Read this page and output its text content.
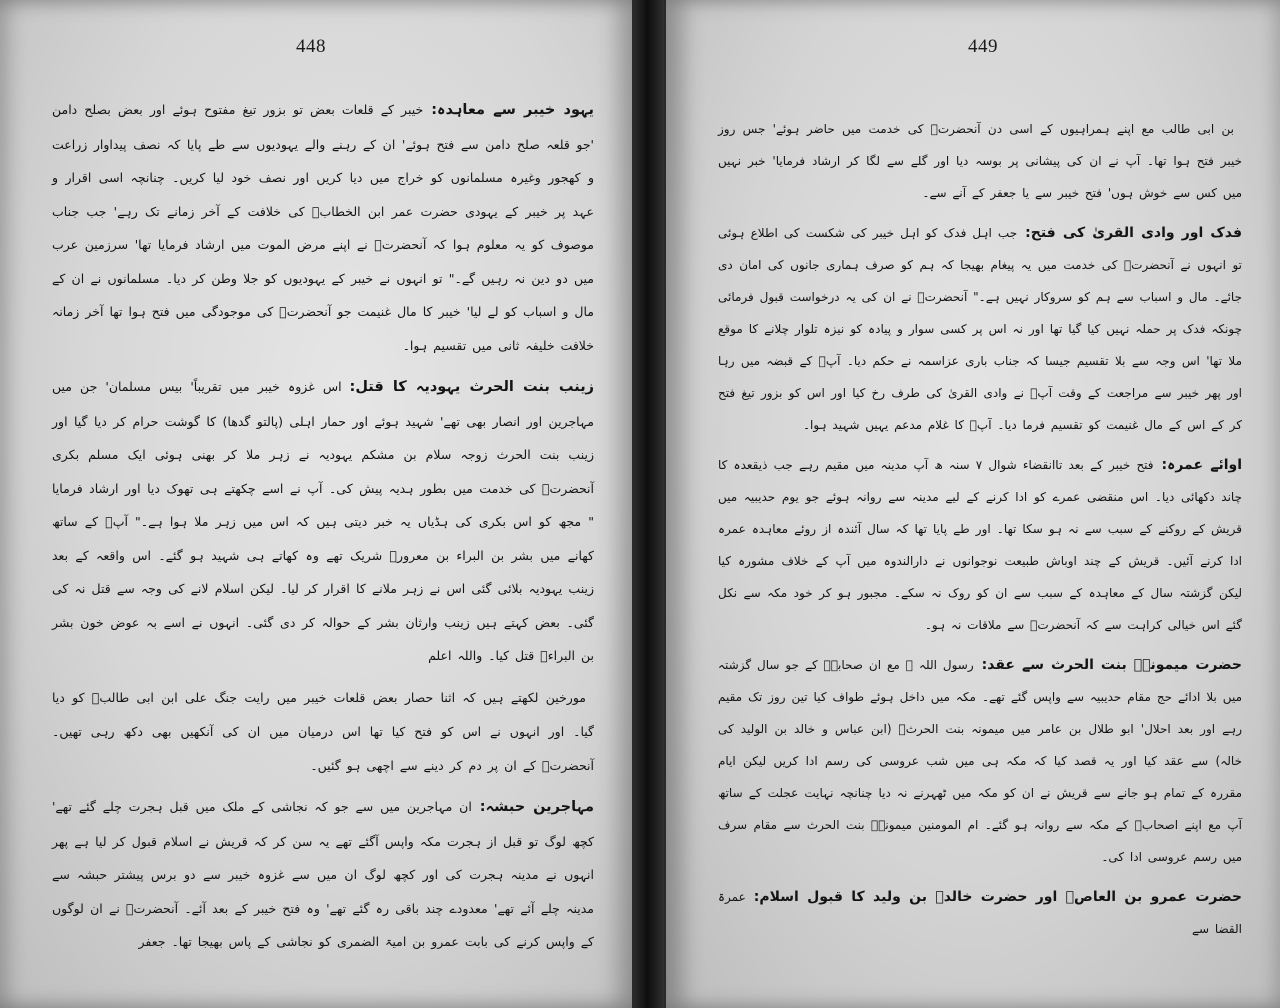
449

بن ابی طالب مع اپنے ہمراہیوں کے اسی دن آنحضرتؐ کی خدمت میں حاضر ہوئے' جس روز خیبر فتح ہوا تھا۔ آپ نے ان کی پیشانی پر بوسہ دیا اور گلے سے لگا کر ارشاد فرمایا' خبر نہیں میں کس سے خوش ہوں' فتح خیبر سے یا جعفر کے آنے سے۔

فدک اور وادی القریٰ کی فتح:جب اہل فدک کو اہل خیبر کی شکست کی اطلاع ہوئی تو انہوں نے آنحضرتؐ کی خدمت میں یہ پیغام بھیجا کہ ہم کو صرف ہماری جانوں کی امان دی جائے۔ مال و اسباب سے ہم کو سروکار نہیں ہے۔" آنحضرتؐ نے ان کی یہ درخواست قبول فرمائی چونکہ فدک پر حملہ نہیں کیا گیا تھا اور نہ اس پر کسی سوار و پیادہ کو نیزہ تلوار چلانے کا موقع ملا تھا' اس وجہ سے بلا تقسیم جیسا کہ جناب باری عزاسمہ نے حکم دیا۔ آپؐ کے قبضہ میں رہا اور پھر خیبر سے مراجعت کے وقت آپؐ نے وادی القریٰ کی طرف رخ کیا اور اس کو بزور تیغ فتح کر کے اس کے مال غنیمت کو تقسیم فرما دیا۔ آپؐ کا غلام مدعم یہیں شہید ہوا۔

اوائے عمرہ:فتح خیبر کے بعد تاانقضاء شوال ۷ سنہ ھ آپ مدینہ میں مقیم رہے جب ذیقعدہ کا چاند دکھائی دیا۔ اس منقضی عمرے کو ادا کرنے کے لیے مدینہ سے روانہ ہوئے جو یوم حدیبیہ میں قریش کے روکنے کے سبب سے نہ ہو سکا تھا۔ اور طے پایا تھا کہ سال آئندہ از روئے معاہدہ عمرہ ادا کرنے آئیں۔ قریش کے چند اوباش طبیعت نوجوانوں نے دارالندوہ میں آپ کے خلاف مشورہ کیا لیکن گزشتہ سال کے معاہدہ کے سبب سے ان کو روک نہ سکے۔ مجبور ہو کر خود مکہ سے نکل گئے اس خیالی کراہت سے کہ آنحضرتؐ سے ملاقات نہ ہو۔

حضرت میمونہؓ بنت الحرث سے عقد:رسول اللہ ﷺ مع ان صحابہؓ کے جو سال گزشتہ میں بلا ادائے حج مقام حدیبیہ سے واپس گئے تھے۔ مکہ میں داخل ہوئے طواف کیا تین روز تک مقیم رہے اور بعد احلال' ابو طلال بن عامر میں میمونہ بنت الحرثؓ (ابن عباس و خالد بن الولید کی خالہ) سے عقد کیا اور یہ قصد کیا کہ مکہ ہی میں شب عروسی کی رسم ادا کریں لیکن ایام مقررہ کے تمام ہو جانے سے قریش نے ان کو مکہ میں ٹھہرنے نہ دیا چنانچہ نہایت عجلت کے ساتھ آپ مع اپنے اصحابؓ کے مکہ سے روانہ ہو گئے۔ ام المومنین میمونہؓ بنت الحرث سے مقام سرف میں رسم عروسی ادا کی۔

حضرت عمرو بن العاصؓ اور حضرت خالدؓ بن ولید کا قبول اسلام:عمرۃ القضا سے

448

یہود خیبر سے معاہدہ:خیبر کے قلعات بعض تو بزور تیغ مفتوح ہوئے اور بعض بصلح دامن 'جو قلعہ صلح دامن سے فتح ہوئے' ان کے رہنے والے یہودیوں سے طے پایا کہ نصف پیداوار زراعت و کھجور وغیرہ مسلمانوں کو خراج میں دیا کریں اور نصف خود لیا کریں۔ چنانچہ اسی اقرار و عہد پر خیبر کے یہودی حضرت عمر ابن الخطابؓ کی خلافت کے آخر زمانے تک رہے' جب جناب موصوف کو یہ معلوم ہوا کہ آنحضرتؐ نے اپنے مرض الموت میں ارشاد فرمایا تھا' سرزمین عرب میں دو دین نہ رہیں گے۔" تو انہوں نے خیبر کے یہودیوں کو جلا وطن کر دیا۔ مسلمانوں نے ان کے مال و اسباب کو لے لیا' خیبر کا مال غنیمت جو آنحضرتؐ کی موجودگی میں فتح ہوا تھا آخر زمانہ خلافت خلیفہ ثانی میں تقسیم ہوا۔

زینب بنت الحرث یہودیہ کا قتل:اس غزوہ خیبر میں تقریباً' بیس مسلمان' جن میں مہاجرین اور انصار بھی تھے' شہید ہوئے اور حمار اہلی (پالتو گدھا) کا گوشت حرام کر دیا گیا اور زینب بنت الحرث زوجہ سلام بن مشکم یہودیہ نے زہر ملا کر بھنی ہوئی ایک مسلم بکری آنحضرتؐ کی خدمت میں بطور ہدیہ پیش کی۔ آپ نے اسے چکھتے ہی تھوک دیا اور ارشاد فرمایا " مجھ کو اس بکری کی ہڈیاں یہ خبر دیتی ہیں کہ اس میں زہر ملا ہوا ہے۔" آپؐ کے ساتھ کھانے میں بشر بن البراء بن معرورؓ شریک تھے وہ کھاتے ہی شہید ہو گئے۔ اس واقعہ کے بعد زینب یہودیہ بلائی گئی اس نے زہر ملانے کا اقرار کر لیا۔ لیکن اسلام لانے کی وجہ سے قتل نہ کی گئی۔ بعض کہتے ہیں زینب وارثان بشر کے حوالہ کر دی گئی۔ انہوں نے اسے بہ عوض خون بشر بن البراءؓ قتل کیا۔ واللہ اعلم

مورخین لکھتے ہیں کہ اثنا حصار بعض قلعات خیبر میں رایت جنگ علی ابن ابی طالبؓ کو دیا گیا۔ اور انہوں نے اس کو فتح کیا تھا اس درمیان میں ان کی آنکھیں بھی دکھ رہی تھیں۔ آنحضرتؐ کے ان پر دم کر دینے سے اچھی ہو گئیں۔

مہاجرین حبشہ:ان مہاجرین میں سے جو کہ نجاشی کے ملک میں قبل ہجرت چلے گئے تھے' کچھ لوگ تو قبل از ہجرت مکہ واپس آگئے تھے یہ سن کر کہ قریش نے اسلام قبول کر لیا ہے پھر انہوں نے مدینہ ہجرت کی اور کچھ لوگ ان میں سے غزوہ خیبر سے دو برس پیشتر حبشہ سے مدینہ چلے آئے تھے' معدودے چند باقی رہ گئے تھے' وہ فتح خیبر کے بعد آئے۔ آنحضرتؐ نے ان لوگوں کے واپس کرنے کی بابت عمرو بن امیۃ الضمری کو نجاشی کے پاس بھیجا تھا۔ جعفر
